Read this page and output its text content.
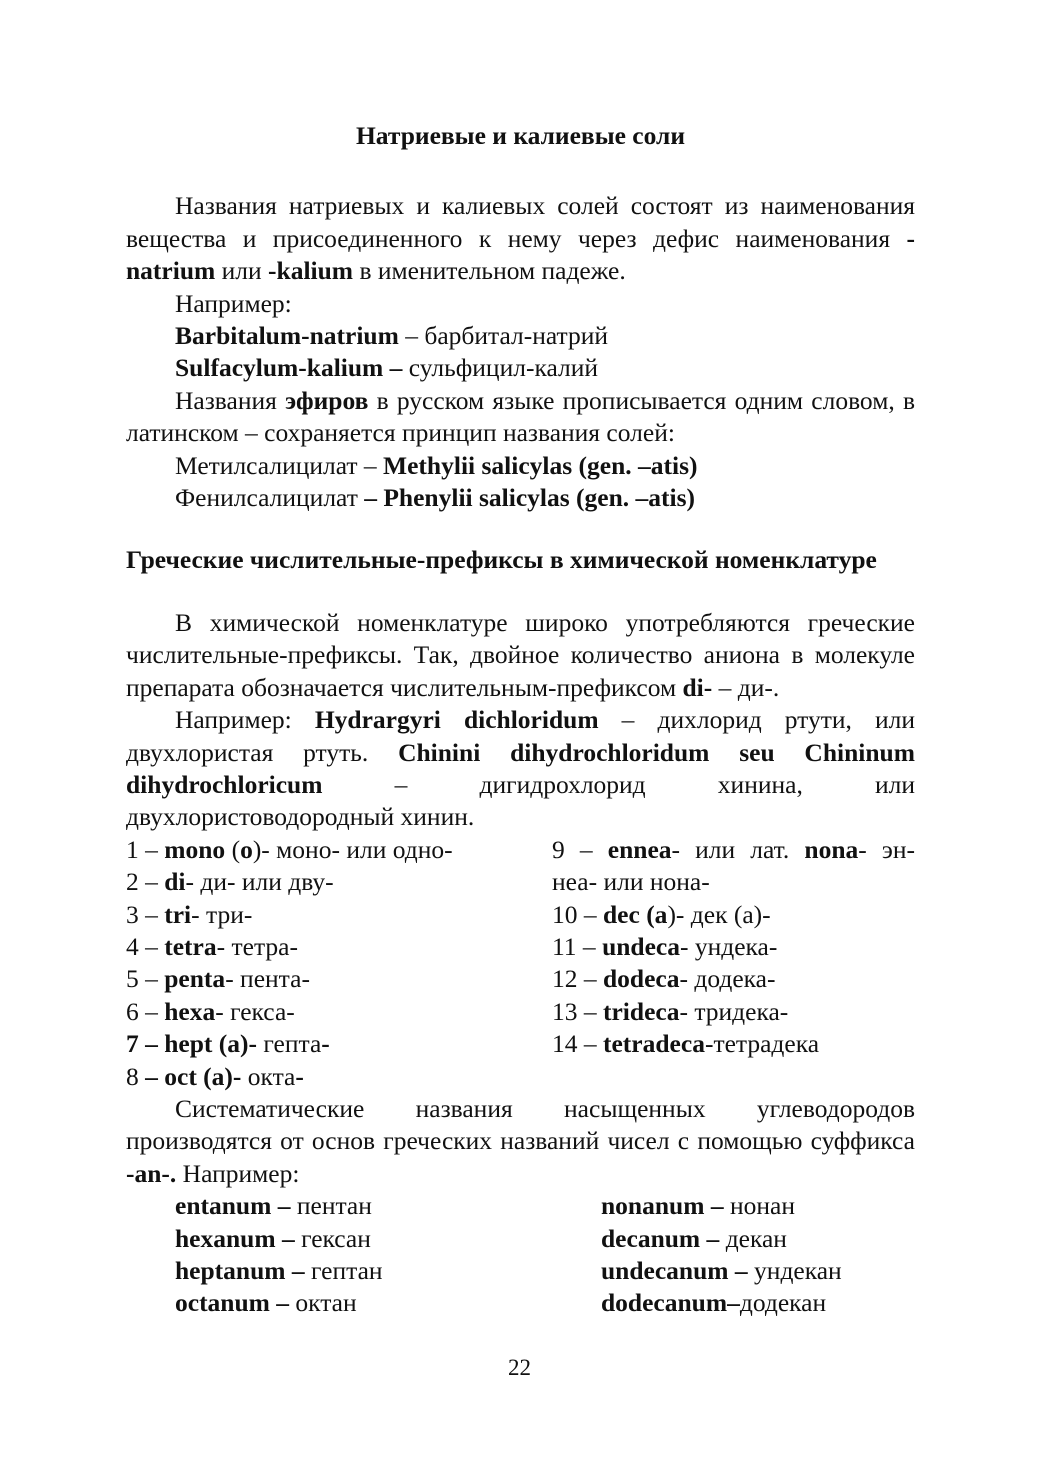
Натриевые и калиевые соли

Названия натриевых и калиевых солей состоят из наименования вещества и присоединенного к нему через дефис наименования -natrium или -kalium в именительном падеже.

Например:

Barbitalum-natrium – барбитал-натрий

Sulfacylum-kalium – сульфицил-калий

Названия эфиров в русском языке прописывается одним словом, в латинском – сохраняется принцип названия солей:

Метилсалицилат – Methylii salicylas (gen. –atis)

Фенилсалицилат – Phenylii salicylas (gen. –atis)

Греческие числительные-префиксы в химической номенклатуре

В химической номенклатуре широко употребляются греческие числительные-префиксы. Так, двойное количество аниона в молекуле препарата обозначается числительным-префиксом di- – ди-.

Например: Hydrargyri dichloridum – дихлорид ртути, или двухлористая ртуть. Chinini dihydrochloridum seu Chininum dihydrochloricum – дигидрохлорид хинина, или двухлористоводородный хинин.

1 – mono (o)- моно- или одно-
2 – di- ди- или дву-
3 – tri- три-
4 – tetra- тетра-
5 – penta- пента-
6 – hexa- гекса-
7 – hept (a)- гепта-
8 – oct (a)- окта-
9 – ennea- или лат. nona- эн-
неа- или нона-
10 – dec (a)- дек (а)-
11 – undeca- ундека-
12 – dodeca- додека-
13 – trideca- тридека-
14 – tetradeca-тетрадека

Систематические названия насыщенных углеводородов производятся от основ греческих названий чисел с помощью суффикса -an-. Например:

entanum – пентан
hexanum – гексан
heptanum – гептан
octanum – октан
nonanum – нонан
decanum – декан
undecanum – ундекан
dodecanum–додекан
22
